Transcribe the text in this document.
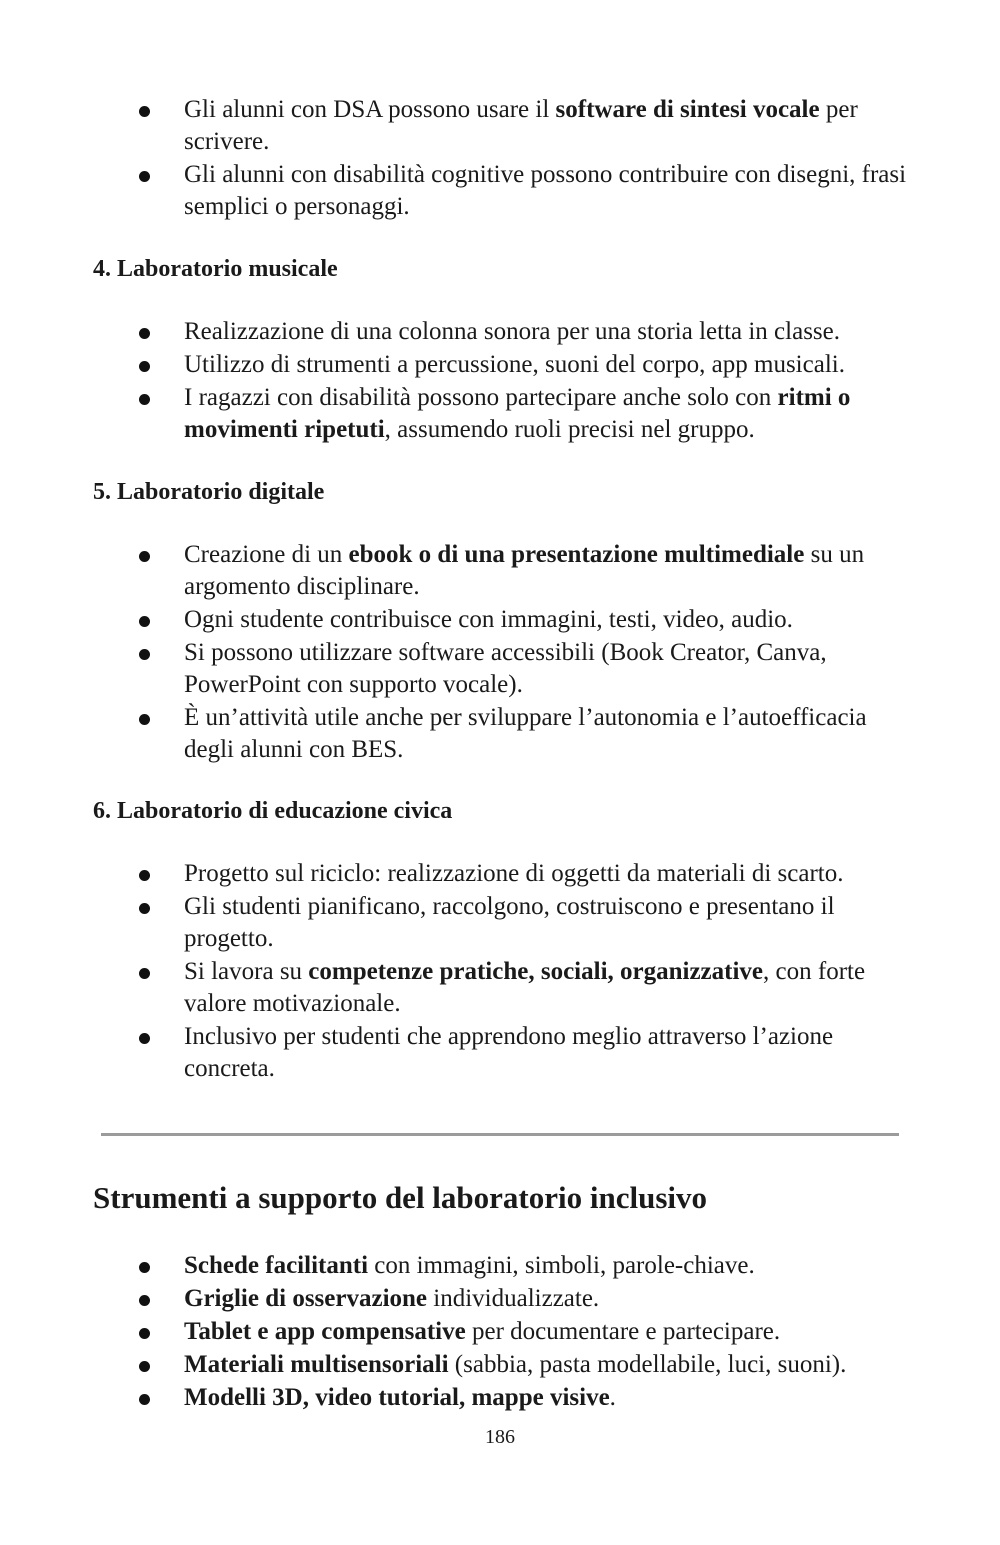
Gli alunni con DSA possono usare il software di sintesi vocale per scrivere.
Gli alunni con disabilità cognitive possono contribuire con disegni, frasi semplici o personaggi.
4. Laboratorio musicale
Realizzazione di una colonna sonora per una storia letta in classe.
Utilizzo di strumenti a percussione, suoni del corpo, app musicali.
I ragazzi con disabilità possono partecipare anche solo con ritmi o movimenti ripetuti, assumendo ruoli precisi nel gruppo.
5. Laboratorio digitale
Creazione di un ebook o di una presentazione multimediale su un argomento disciplinare.
Ogni studente contribuisce con immagini, testi, video, audio.
Si possono utilizzare software accessibili (Book Creator, Canva, PowerPoint con supporto vocale).
È un’attività utile anche per sviluppare l’autonomia e l’autoefficacia degli alunni con BES.
6. Laboratorio di educazione civica
Progetto sul riciclo: realizzazione di oggetti da materiali di scarto.
Gli studenti pianificano, raccolgono, costruiscono e presentano il progetto.
Si lavora su competenze pratiche, sociali, organizzative, con forte valore motivazionale.
Inclusivo per studenti che apprendono meglio attraverso l’azione concreta.
Strumenti a supporto del laboratorio inclusivo
Schede facilitanti con immagini, simboli, parole-chiave.
Griglie di osservazione individualizzate.
Tablet e app compensative per documentare e partecipare.
Materiali multisensoriali (sabbia, pasta modellabile, luci, suoni).
Modelli 3D, video tutorial, mappe visive.
186
